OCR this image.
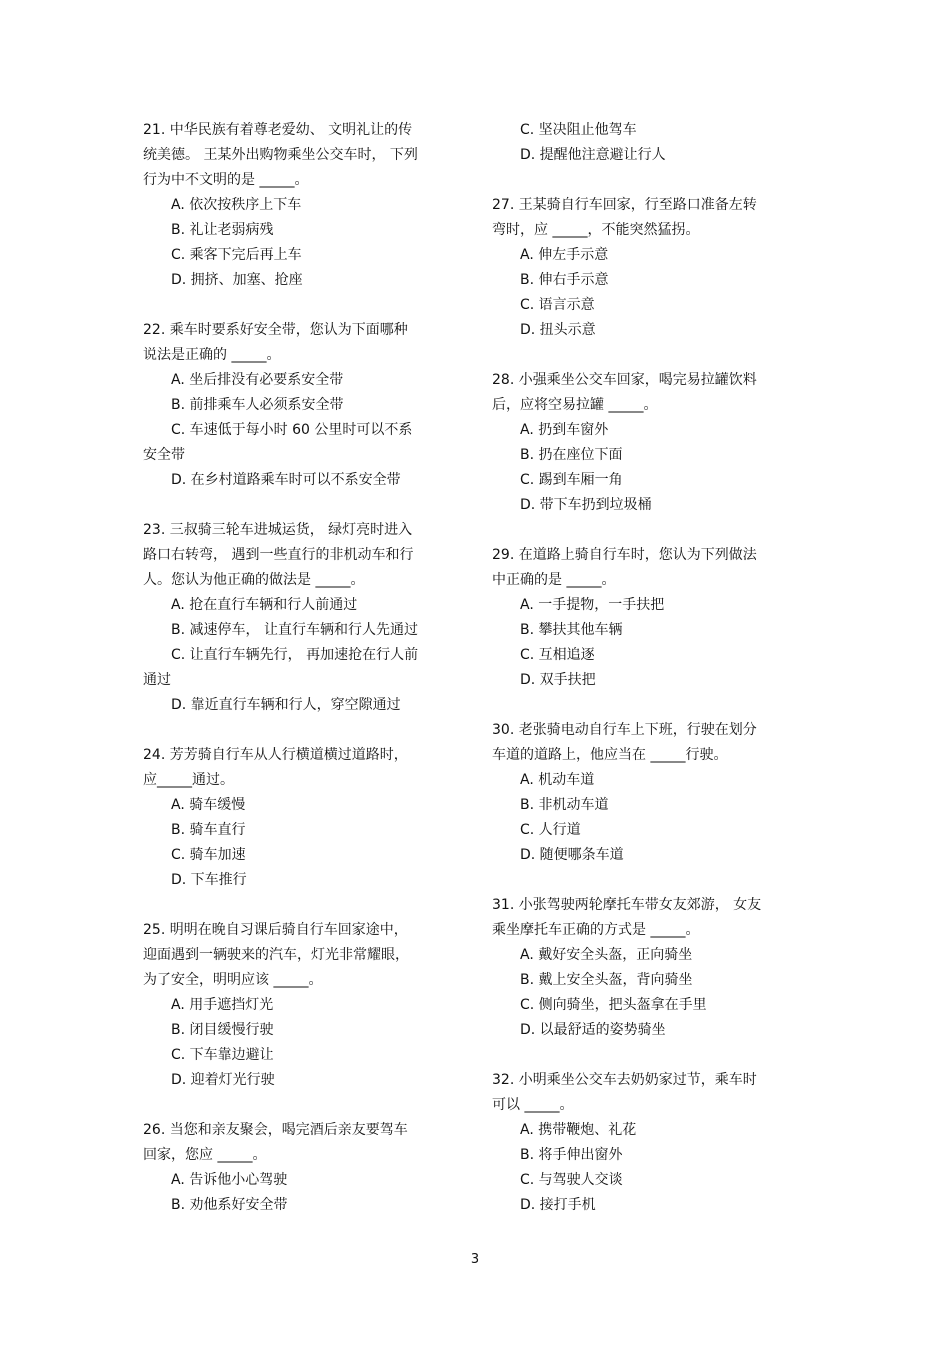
21. 中华民族有着尊老爱幼、 文明礼让的传
统美德。 王某外出购物乘坐公交车时， 下列
行为中不文明的是 _____。
A. 依次按秩序上下车
B. 礼让老弱病残
C. 乘客下完后再上车
D. 拥挤、加塞、抢座
22. 乘车时要系好安全带，您认为下面哪种
说法是正确的 _____。
A. 坐后排没有必要系安全带
B. 前排乘车人必须系安全带
C. 车速低于每小时 60 公里时可以不系
安全带
D. 在乡村道路乘车时可以不系安全带
23. 三叔骑三轮车进城运货， 绿灯亮时进入
路口右转弯， 遇到一些直行的非机动车和行
人。您认为他正确的做法是 _____。
A. 抢在直行车辆和行人前通过
B. 减速停车， 让直行车辆和行人先通过
C. 让直行车辆先行， 再加速抢在行人前
通过
D. 靠近直行车辆和行人，穿空隙通过
24. 芳芳骑自行车从人行横道横过道路时，
应_____通过。
A. 骑车缓慢
B. 骑车直行
C. 骑车加速
D. 下车推行
25. 明明在晚自习课后骑自行车回家途中，
迎面遇到一辆驶来的汽车，灯光非常耀眼，
为了安全，明明应该 _____。
A. 用手遮挡灯光
B. 闭目缓慢行驶
C. 下车靠边避让
D. 迎着灯光行驶
26. 当您和亲友聚会，喝完酒后亲友要驾车
回家，您应 _____。
A. 告诉他小心驾驶
B. 劝他系好安全带
C. 坚决阻止他驾车
D. 提醒他注意避让行人
27. 王某骑自行车回家，行至路口准备左转
弯时，应 _____，不能突然猛拐。
A. 伸左手示意
B. 伸右手示意
C. 语言示意
D. 扭头示意
28. 小强乘坐公交车回家，喝完易拉罐饮料
后，应将空易拉罐 _____。
A. 扔到车窗外
B. 扔在座位下面
C. 踢到车厢一角
D. 带下车扔到垃圾桶
29. 在道路上骑自行车时，您认为下列做法
中正确的是 _____。
A. 一手提物，一手扶把
B. 攀扶其他车辆
C. 互相追逐
D. 双手扶把
30. 老张骑电动自行车上下班，行驶在划分
车道的道路上，他应当在 _____行驶。
A. 机动车道
B. 非机动车道
C. 人行道
D. 随便哪条车道
31. 小张驾驶两轮摩托车带女友郊游， 女友
乘坐摩托车正确的方式是 _____。
A. 戴好安全头盔，正向骑坐
B. 戴上安全头盔，背向骑坐
C. 侧向骑坐，把头盔拿在手里
D. 以最舒适的姿势骑坐
32. 小明乘坐公交车去奶奶家过节，乘车时
可以 _____。
A. 携带鞭炮、礼花
B. 将手伸出窗外
C. 与驾驶人交谈
D. 接打手机
3
